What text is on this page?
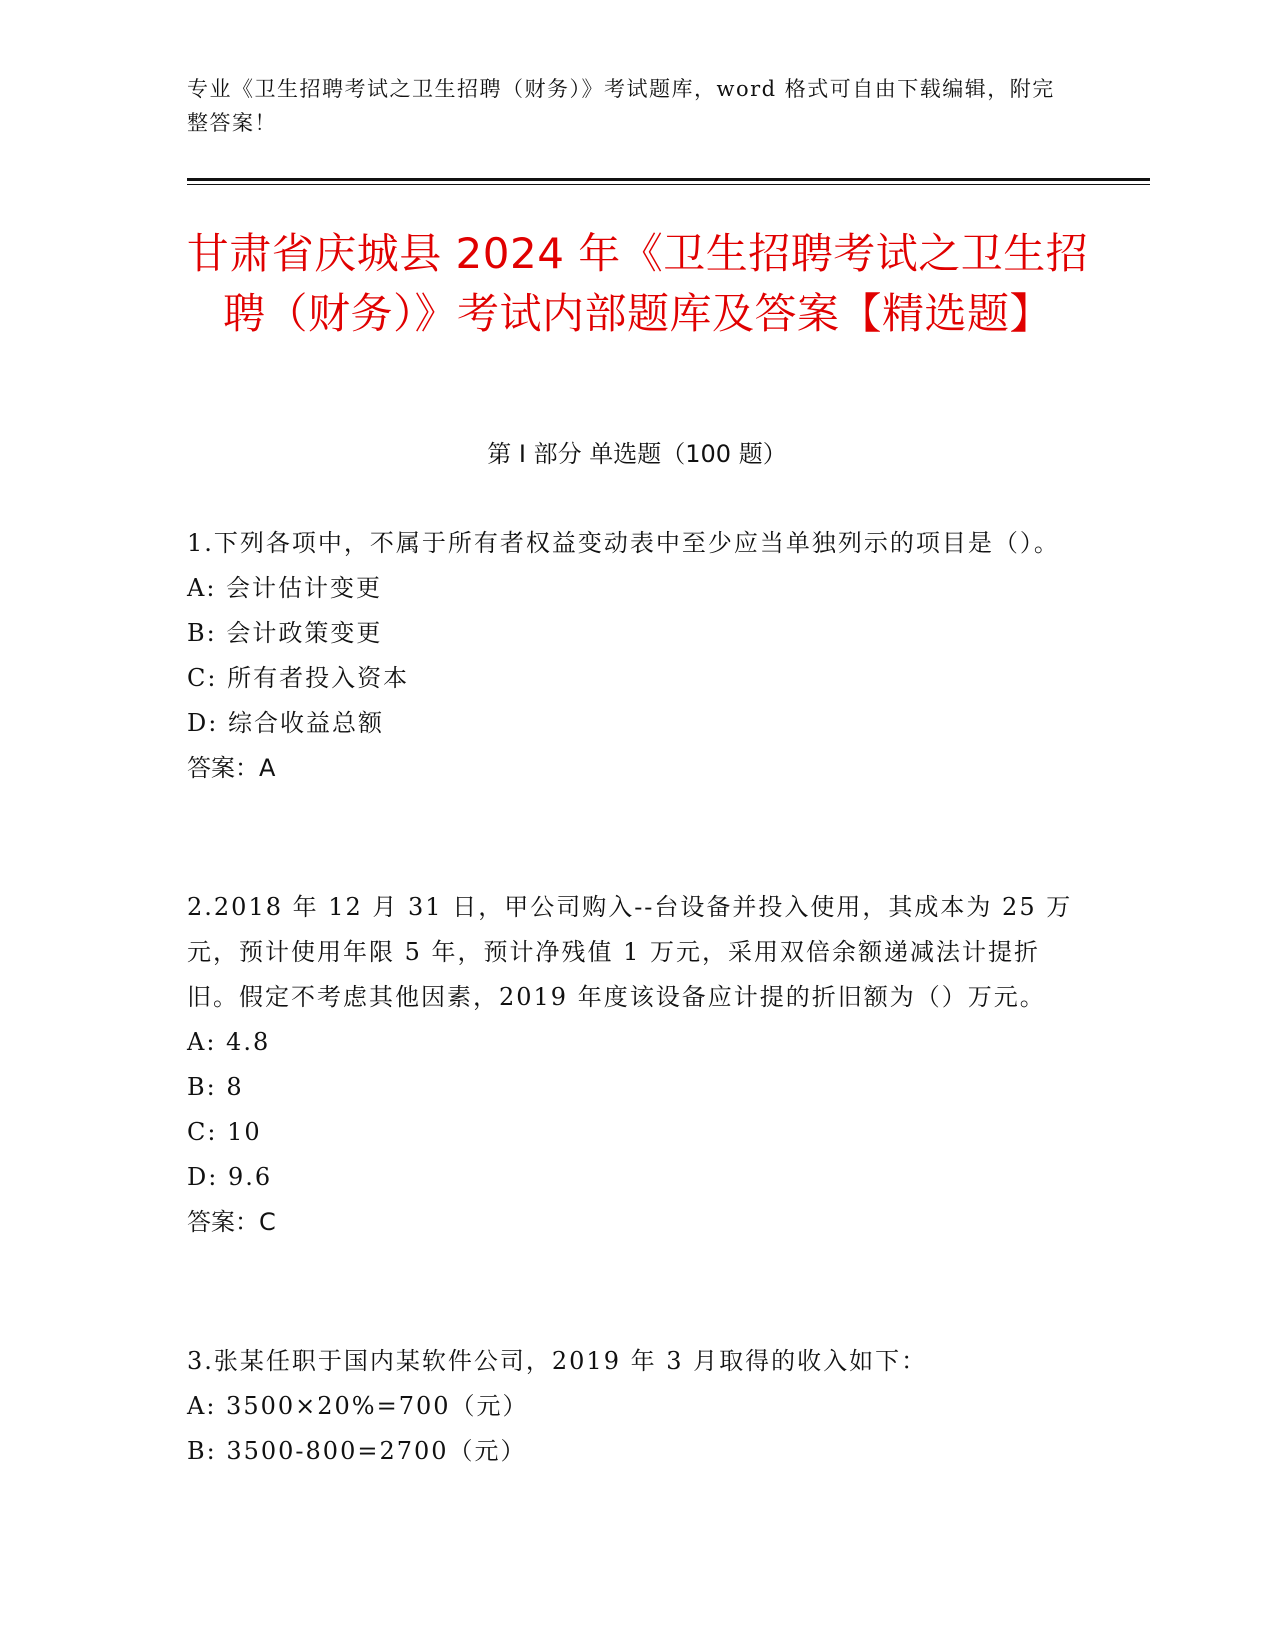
专业《卫生招聘考试之卫生招聘（财务）》考试题库，word 格式可自由下载编辑，附完整答案！
甘肃省庆城县 2024 年《卫生招聘考试之卫生招聘（财务）》考试内部题库及答案【精选题】
第 I 部分 单选题（100 题）

1.下列各项中，不属于所有者权益变动表中至少应当单独列示的项目是（）。

A: 会计估计变更

B: 会计政策变更

C: 所有者投入资本

D: 综合收益总额

答案：A

2.2018 年 12 月 31 日，甲公司购入--台设备并投入使用，其成本为 25 万元，预计使用年限 5 年，预计净残值 1 万元，采用双倍余额递减法计提折旧。假定不考虑其他因素，2019 年度该设备应计提的折旧额为（）万元。

A: 4.8

B: 8

C: 10

D: 9.6

答案：C

3.张某任职于国内某软件公司，2019 年 3 月取得的收入如下：

A: 3500×20%=700（元）

B: 3500-800=2700（元）
